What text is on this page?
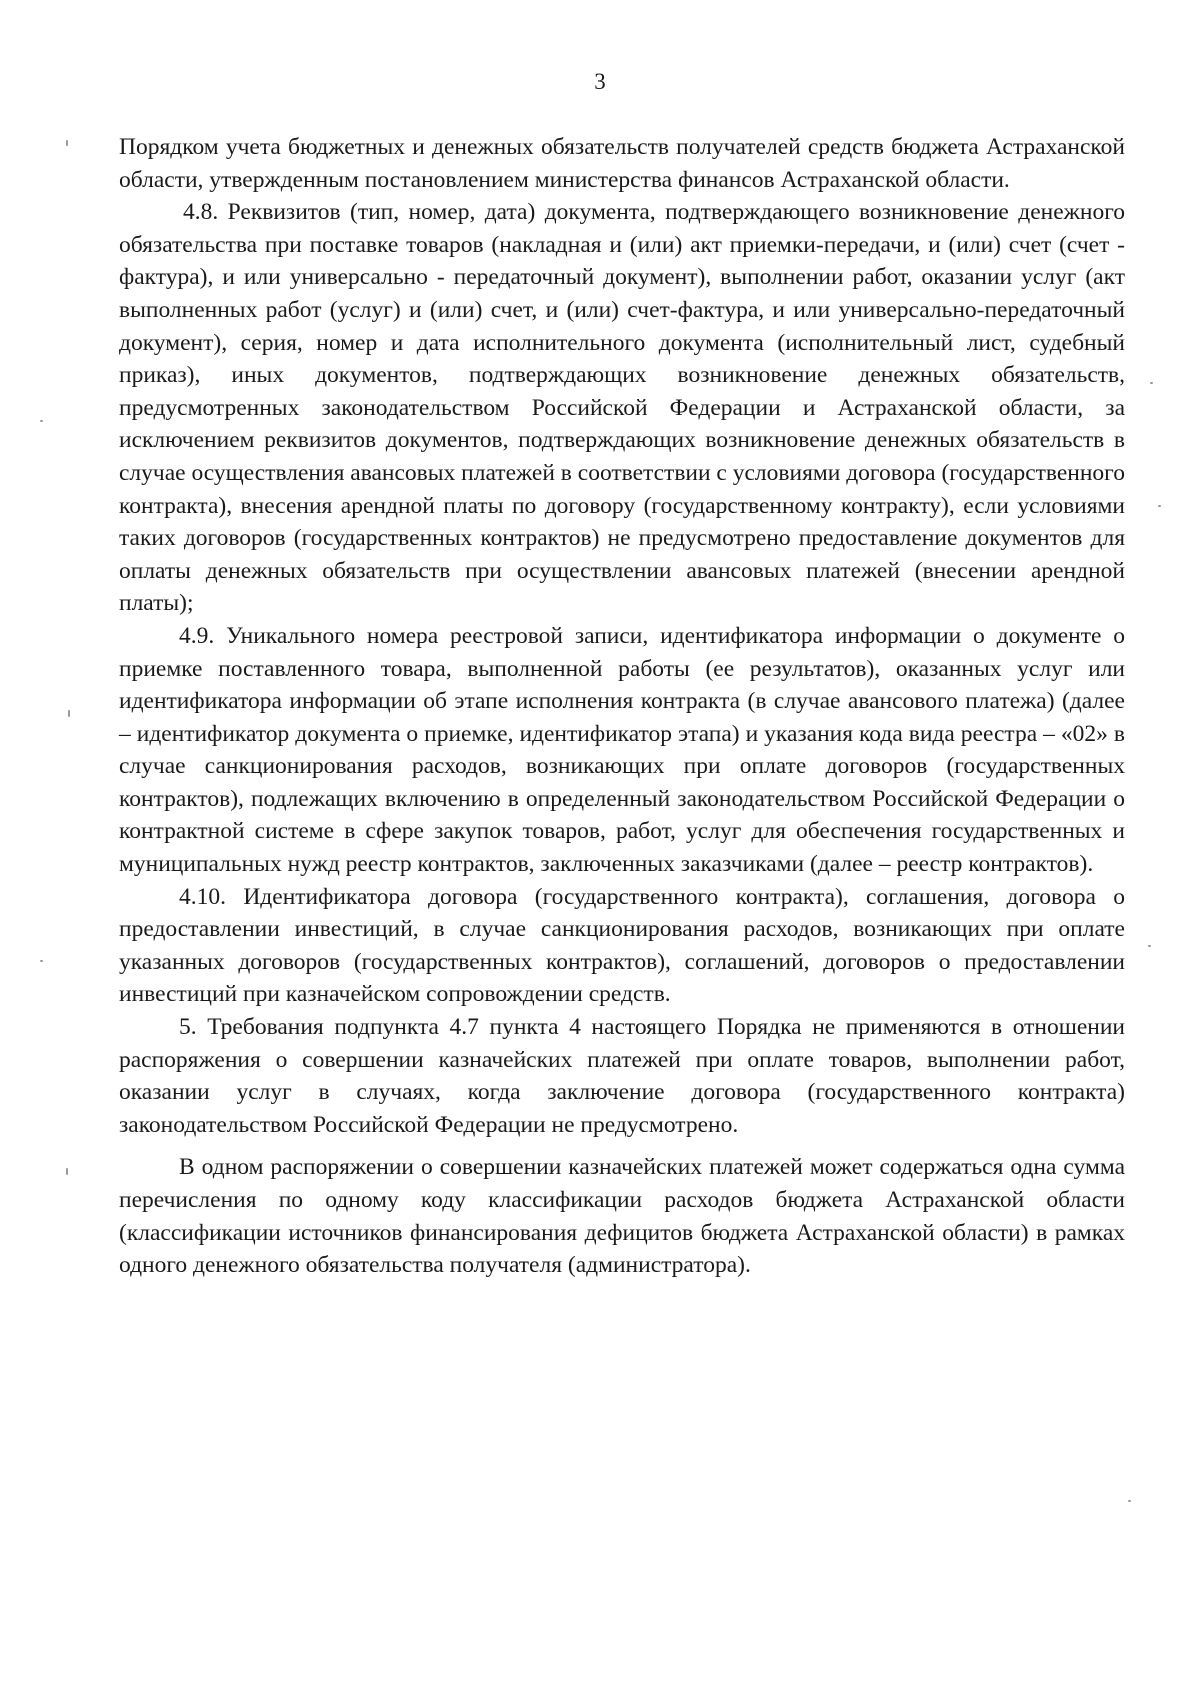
3

Порядком учета бюджетных и денежных обязательств получателей средств бюджета Астраханской области, утвержденным постановлением министерства финансов Астраханской области.

4.8. Реквизитов (тип, номер, дата) документа, подтверждающего возникновение денежного обязательства при поставке товаров (накладная и (или) акт приемки-передачи, и (или) счет (счет - фактура), и или универсально - передаточный документ), выполнении работ, оказании услуг (акт выполненных работ (услуг) и (или) счет, и (или) счет-фактура, и или универсально-передаточный документ), серия, номер и дата исполнительного документа (исполнительный лист, судебный приказ), иных документов, подтверждающих возникновение денежных обязательств, предусмотренных законодательством Российской Федерации и Астраханской области, за исключением реквизитов документов, подтверждающих возникновение денежных обязательств в случае осуществления авансовых платежей в соответствии с условиями договора (государственного контракта), внесения арендной платы по договору (государственному контракту), если условиями таких договоров (государственных контрактов) не предусмотрено предоставление документов для оплаты денежных обязательств при осуществлении авансовых платежей (внесении арендной платы);

4.9. Уникального номера реестровой записи, идентификатора информации о документе о приемке поставленного товара, выполненной работы (ее результатов), оказанных услуг или идентификатора информации об этапе исполнения контракта (в случае авансового платежа) (далее – идентификатор документа о приемке, идентификатор этапа) и указания кода вида реестра – «02» в случае санкционирования расходов, возникающих при оплате договоров (государственных контрактов), подлежащих включению в определенный законодательством Российской Федерации о контрактной системе в сфере закупок товаров, работ, услуг для обеспечения государственных и муниципальных нужд реестр контрактов, заключенных заказчиками (далее – реестр контрактов).

4.10. Идентификатора договора (государственного контракта), соглашения, договора о предоставлении инвестиций, в случае санкционирования расходов, возникающих при оплате указанных договоров (государственных контрактов), соглашений, договоров о предоставлении инвестиций при казначейском сопровождении средств.

5. Требования подпункта 4.7 пункта 4 настоящего Порядка не применяются в отношении распоряжения о совершении казначейских платежей при оплате товаров, выполнении работ, оказании услуг в случаях, когда заключение договора (государственного контракта) законодательством Российской Федерации не предусмотрено.

В одном распоряжении о совершении казначейских платежей может содержаться одна сумма перечисления по одному коду классификации расходов бюджета Астраханской области (классификации источников финансирования дефицитов бюджета Астраханской области) в рамках одного денежного обязательства получателя (администратора).
